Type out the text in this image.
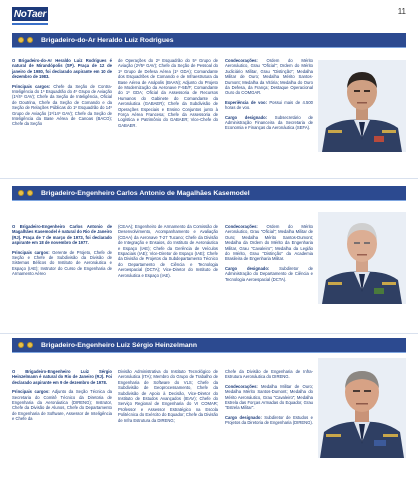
NoTaer	11
Brigadeiro-do-Ar Heraldo Luiz Rodrigues

O Brigadeiro-do-Ar Heraldo Luiz Rodrigues é natural de Mirandópolis (SP). Praça de 12 de janeiro de 1980, foi declarado aspirante em 10 de dezembro de 1983.

Principais cargos: Chefe da Seção de Contra-Inteligência do 1º Esquadrão do 4º Grupo de Aviação (1º/4º GAV); Chefe da Seção de Inteligência, Oficial de Doutrina, Chefe da Seção de Comando e da Seção de Relações Públicas do 1º Esquadrão do 14º Grupo de Aviação (1º/14º GAV); Chefe da Seção de Inteligência da Base Aérea de Canoas (BACO); Chefe da Seção

de Operações do 2º Esquadrão do 5º Grupo de Aviação (2º/5º GAV); Chefe da Seção de Pessoal do 1º Grupo de Defesa Aérea (1º GDA); Comandante dos Esquadrões de Comando e de Infraestrutura da Base Aérea de Anápolis (BAAN); Adjunto do Projeto de Modernização da Aeronave F-5E/F; Comandante do 1º GDA; Oficial da Assessoria de Recursos Humanos do Gabinete do Comandante da Aeronáutica (GABAER); Chefe da Subdivisão de Operações Especiais e Ensino Conjuntos junto à Força Aérea Francesa; Chefe da Assessoria de Logística e Patrimônio do GABAER; Vice-Chefe do GABAER.

Condecorações: Ordem do Mérito Aeronáutico, Grau "Oficial"; Ordem do Mérito Judiciário Militar, Grau "Distinção"; Medalha Militar de Ouro; Medalha Mérito Santos-Dumont; Medalha da Vitória; Medalha do Ouro da Defesa, da França; Destaque Operacional Ouro do COMGAR.

Experiência de voo: Possui mais de 4.500 horas de voo.

Cargo designado: Subsecretário de Administração Financeira da Secretaria de Economia e Finanças da Aeronáutica (SEFA).

Brigadeiro-Engenheiro Carlos Antonio de Magalhães Kasemodel

O Brigadeiro-Engenheiro Carlos Antonio de Magalhães Kasemodel é natural do Rio de Janeiro (RJ). Praça de 7 de março de 1973, foi declarado aspirante em 18 de novembro de 1977.

Principais cargos: Gerente de Projeto, Chefe de Seção e Chefe de Subdivisão da Divisão de Sistemas Bélicos do Instituto de Aeronáutica e Espaço (IAE); Instrutor do Curso de Engenharia de Armamento Aéreo

(CEAA); Engenheiro de Armamento da Comissão de Desenvolvimento, Acompanhamento e Avaliação (CDAA) da Aeronave T-27 Tucano; Chefe da Divisão de Integração e Ensaios, do Instituto de Aeronáutica e Espaço (IAE); Chefe da Gerência de Veículos Espaciais (IAE); Vice-Diretor de Espaço (IAE); Chefe da Divisão de Projetos da Subdepartamento Técnico do Departamento de Ciência e Tecnologia Aeroespacial (DCTA); Vice-Diretor do Instituto de Aeronáutica e Espaço (IAE).

Condecorações: Ordem do Mérito Aeronáutico, Grau "Oficial"; Medalha Militar de Ouro; Medalha Mérito Santos-Dumont; Medalha da Ordem do Mérito da Engenharia Militar, Grau "Cavaleiro"; Medalha da Legião do Mérito, Grau "Distinção" da Academia Brasileira de Engenharia Militar.

Cargo designado: Subdiretor de Administração do Departamento de Ciência e Tecnologia Aeroespacial (DCTA).

Brigadeiro-Engenheiro Luiz Sérgio Heinzelmann

O Brigadeiro-Engenheiro Luiz Sérgio Heinzelmann é natural do Rio de Janeiro (RJ). Foi declarado aspirante em 9 de dezembro de 1978.

Principais cargos: Adjunto da Seção Técnica da Secretaria do Comitê Técnico da Diretoria de Engenharia da Aeronáutica (DIRENG); Instrutor, Chefe da Divisão de Alunos, Chefe do Departamento de Engenharia de Software, Assessor de Inteligência e Chefe da

Divisão Administrativa do Instituto Tecnológico de Aeronáutica (ITA); Membro do Grupo de Trabalho de Engenharia de Software do VLS; Chefe da Subdivisão de Geoprocessamento, Chefe da Subdivisão de Apoio à Decisão, Vice-Diretor do Instituto de Estudos Avançados (IEAV); Chefe do Serviço Regional de Engenharia do VI COMAR; Professor e Assessor Estratégico na Escola Politécnica do Exército do Equador; Chefe da Divisão de Infra Estrutura da DIRENG;

Chefe da Divisão de Engenharia de Infra-Estrutura Aeronáutica do DIRENG.

Condecorações: Medalha Militar de Ouro; Medalha Mérito Santos-Dumont; Medalha do Mérito Aeronáutico, Grau "Cavaleiro"; Medalha Estrela das Forças Armadas do Equador, Grau "Estrela Militar".

Cargo designado: Subdiretor de Estudos e Projetos da Diretoria de Engenharia (DIRENG).
